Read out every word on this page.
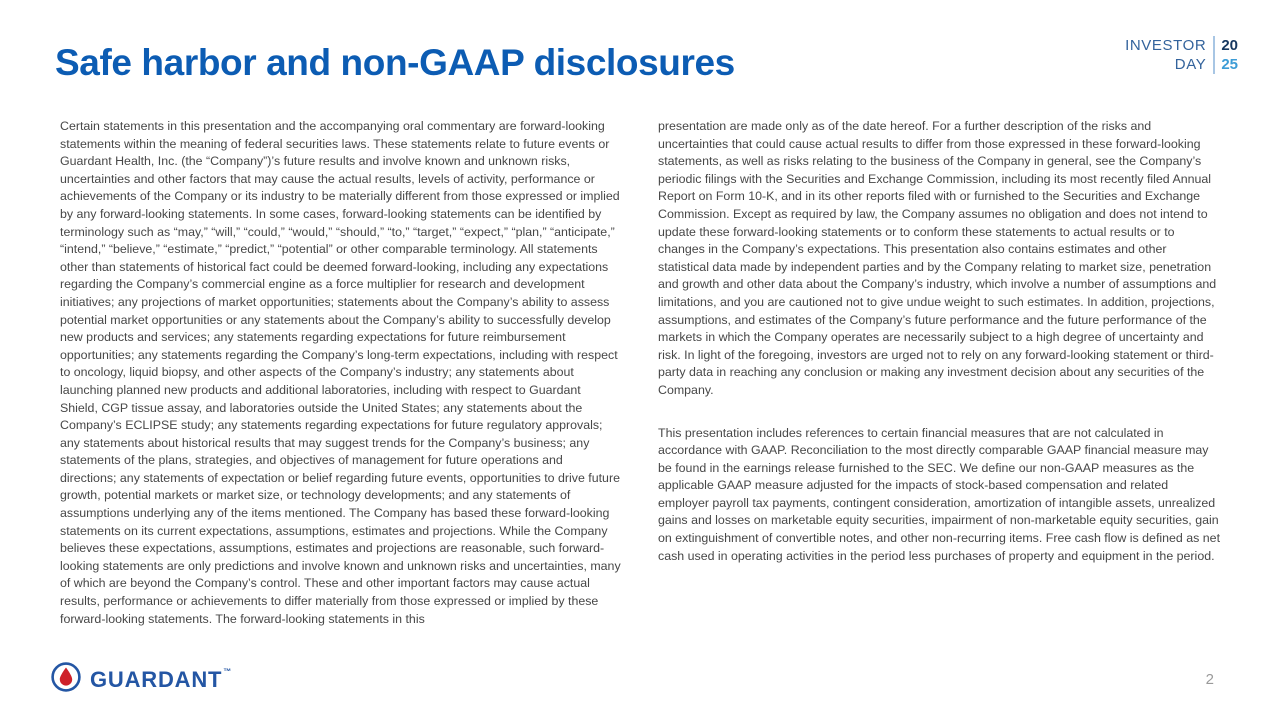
Safe harbor and non-GAAP disclosures	INVESTOR
DAY
20
25

Certain statements in this presentation and the accompanying oral commentary are forward-looking statements within the meaning of federal securities laws. These statements relate to future events or Guardant Health, Inc. (the “Company”)’s future results and involve known and unknown risks, uncertainties and other factors that may cause the actual results, levels of activity, performance or achievements of the Company or its industry to be materially different from those expressed or implied by any forward-looking statements. In some cases, forward-looking statements can be identified by terminology such as “may,” “will,” “could,” “would,” “should,” “to,” “target,” “expect,” “plan,” “anticipate,” “intend,” “believe,” “estimate,” “predict,” “potential” or other comparable terminology. All statements other than statements of historical fact could be deemed forward-looking, including any expectations regarding the Company’s commercial engine as a force multiplier for research and development initiatives; any projections of market opportunities; statements about the Company’s ability to assess potential market opportunities or any statements about the Company’s ability to successfully develop new products and services; any statements regarding expectations for future reimbursement opportunities; any statements regarding the Company’s long-term expectations, including with respect to oncology, liquid biopsy, and other aspects of the Company’s industry; any statements about launching planned new products and additional laboratories, including with respect to Guardant Shield, CGP tissue assay, and laboratories outside the United States; any statements about the Company’s ECLIPSE study; any statements regarding expectations for future regulatory approvals; any statements about historical results that may suggest trends for the Company’s business; any statements of the plans, strategies, and objectives of management for future operations and directions; any statements of expectation or belief regarding future events, opportunities to drive future growth, potential markets or market size, or technology developments; and any statements of assumptions underlying any of the items mentioned. The Company has based these forward-looking statements on its current expectations, assumptions, estimates and projections. While the Company believes these expectations, assumptions, estimates and projections are reasonable, such forward-looking statements are only predictions and involve known and unknown risks and uncertainties, many of which are beyond the Company’s control. These and other important factors may cause actual results, performance or achievements to differ materially from those expressed or implied by these forward-looking statements. The forward-looking statements in this

presentation are made only as of the date hereof. For a further description of the risks and uncertainties that could cause actual results to differ from those expressed in these forward-looking statements, as well as risks relating to the business of the Company in general, see the Company’s periodic filings with the Securities and Exchange Commission, including its most recently filed Annual Report on Form 10-K, and in its other reports filed with or furnished to the Securities and Exchange Commission. Except as required by law, the Company assumes no obligation and does not intend to update these forward-looking statements or to conform these statements to actual results or to changes in the Company’s expectations. This presentation also contains estimates and other statistical data made by independent parties and by the Company relating to market size, penetration and growth and other data about the Company’s industry, which involve a number of assumptions and limitations, and you are cautioned not to give undue weight to such estimates. In addition, projections, assumptions, and estimates of the Company’s future performance and the future performance of the markets in which the Company operates are necessarily subject to a high degree of uncertainty and risk. In light of the foregoing, investors are urged not to rely on any forward-looking statement or third-party data in reaching any conclusion or making any investment decision about any securities of the Company.

This presentation includes references to certain financial measures that are not calculated in accordance with GAAP. Reconciliation to the most directly comparable GAAP financial measure may be found in the earnings release furnished to the SEC. We define our non-GAAP measures as the applicable GAAP measure adjusted for the impacts of stock-based compensation and related employer payroll tax payments, contingent consideration, amortization of intangible assets, unrealized gains and losses on marketable equity securities, impairment of non-marketable equity securities, gain on extinguishment of convertible notes, and other non-recurring items. Free cash flow is defined as net cash used in operating activities in the period less purchases of property and equipment in the period.

GUARDANT ™	2
